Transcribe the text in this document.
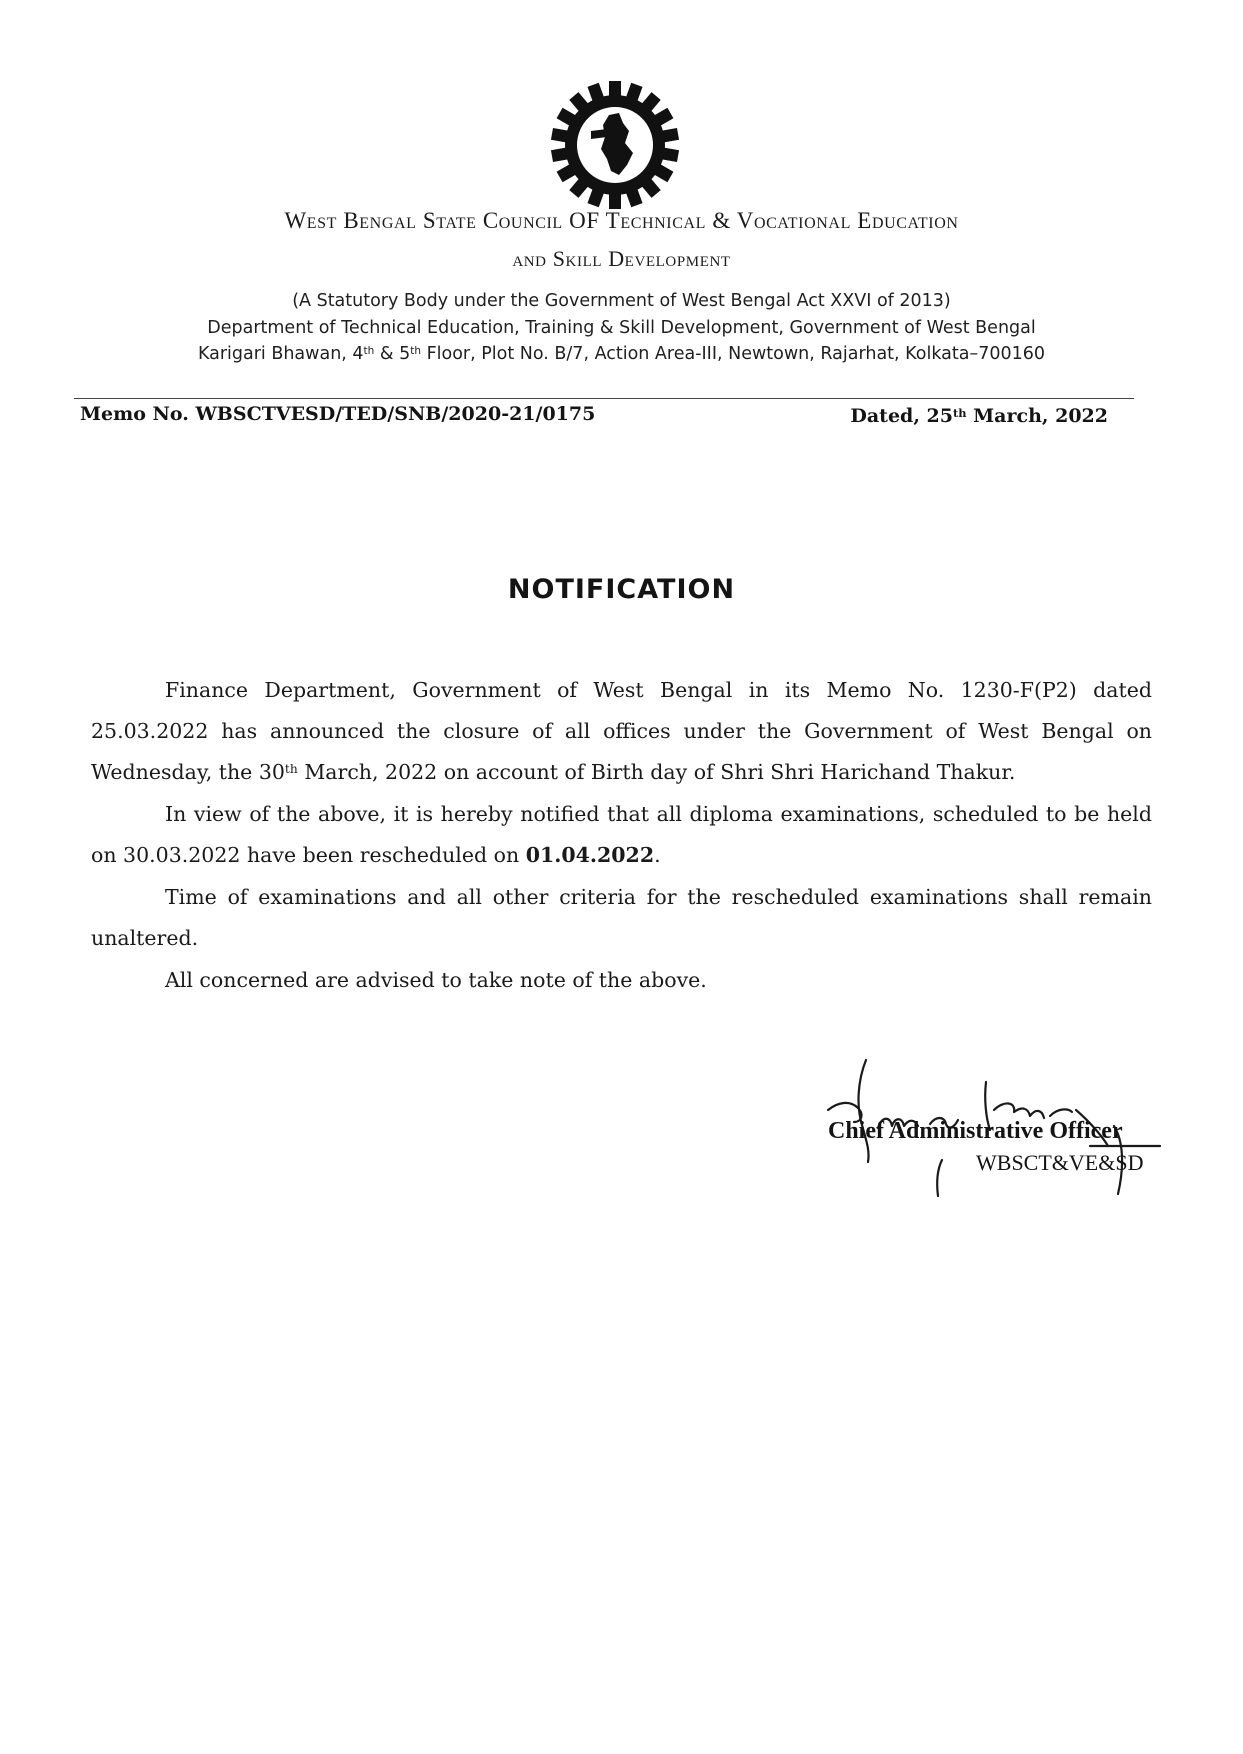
West Bengal State Council OF Technical & Vocational Education
and Skill Development
(A Statutory Body under the Government of West Bengal Act XXVI of 2013)
Department of Technical Education, Training & Skill Development, Government of West Bengal
Karigari Bhawan, 4th & 5th Floor, Plot No. B/7, Action Area-III, Newtown, Rajarhat, Kolkata–700160
Memo No. WBSCTVESD/TED/SNB/2020-21/0175	Dated, 25th March, 2022
NOTIFICATION

Finance Department, Government of West Bengal in its Memo No. 1230-F(P2) dated 25.03.2022 has announced the closure of all offices under the Government of West Bengal on Wednesday, the 30th March, 2022 on account of Birth day of Shri Shri Harichand Thakur.

In view of the above, it is hereby notified that all diploma examinations, scheduled to be held on 30.03.2022 have been rescheduled on 01.04.2022.

Time of examinations and all other criteria for the rescheduled examinations shall remain unaltered.

All concerned are advised to take note of the above.

Chief Administrative Officer
WBSCT&VE&SD
